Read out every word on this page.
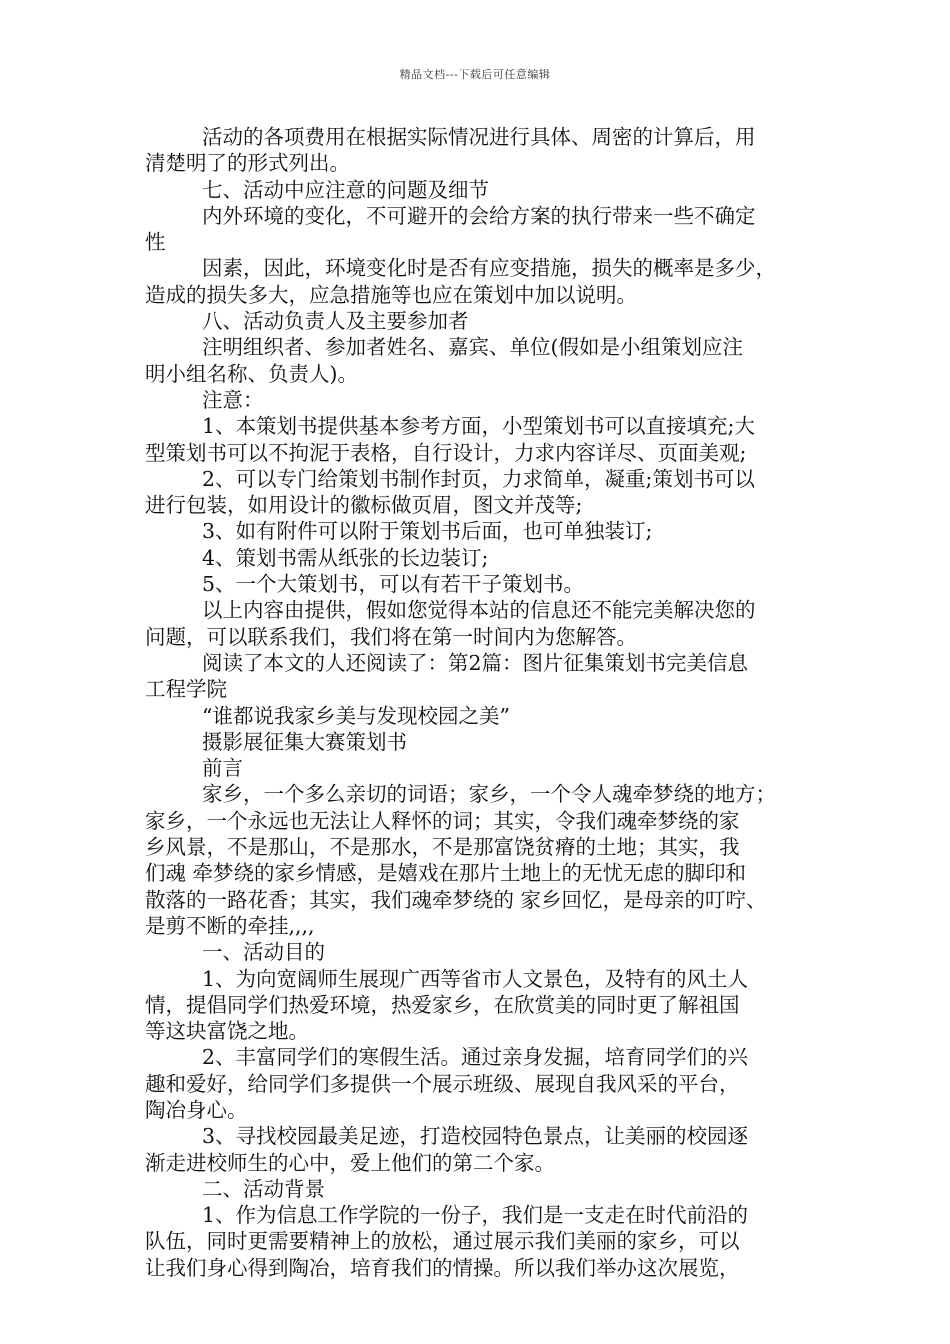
精品文档---下载后可任意编辑
活动的各项费用在根据实际情况进行具体、周密的计算后，用
清楚明了的形式列出。
七、活动中应注意的问题及细节
内外环境的变化，不可避开的会给方案的执行带来一些不确定
性
因素，因此，环境变化时是否有应变措施，损失的概率是多少，
造成的损失多大，应急措施等也应在策划中加以说明。
八、活动负责人及主要参加者
注明组织者、参加者姓名、嘉宾、单位(假如是小组策划应注
明小组名称、负责人)。
注意：
1、本策划书提供基本参考方面，小型策划书可以直接填充;大
型策划书可以不拘泥于表格，自行设计，力求内容详尽、页面美观;
2、可以专门给策划书制作封页，力求简单，凝重;策划书可以
进行包装，如用设计的徽标做页眉，图文并茂等;
3、如有附件可以附于策划书后面，也可单独装订;
4、策划书需从纸张的长边装订;
5、一个大策划书，可以有若干子策划书。
以上内容由提供，假如您觉得本站的信息还不能完美解决您的
问题，可以联系我们，我们将在第一时间内为您解答。
阅读了本文的人还阅读了：第2篇：图片征集策划书完美信息
工程学院
“谁都说我家乡美与发现校园之美”
摄影展征集大赛策划书
前言
家乡，一个多么亲切的词语；家乡，一个令人魂牵梦绕的地方；
家乡，一个永远也无法让人释怀的词；其实，令我们魂牵梦绕的家
乡风景，不是那山，不是那水，不是那富饶贫瘠的土地；其实，我
们魂 牵梦绕的家乡情感，是嬉戏在那片土地上的无忧无虑的脚印和
散落的一路花香；其实，我们魂牵梦绕的 家乡回忆，是母亲的叮咛、
是剪不断的牵挂,,,,
一、活动目的
1、为向宽阔师生展现广西等省市人文景色，及特有的风土人
情，提倡同学们热爱环境，热爱家乡，在欣赏美的同时更了解祖国
等这块富饶之地。
2、丰富同学们的寒假生活。通过亲身发掘，培育同学们的兴
趣和爱好，给同学们多提供一个展示班级、展现自我风采的平台，
陶冶身心。
3、寻找校园最美足迹，打造校园特色景点，让美丽的校园逐
渐走进校师生的心中，爱上他们的第二个家。
二、活动背景
1、作为信息工作学院的一份子，我们是一支走在时代前沿的
队伍，同时更需要精神上的放松，通过展示我们美丽的家乡，可以
让我们身心得到陶冶，培育我们的情操。所以我们举办这次展览，
